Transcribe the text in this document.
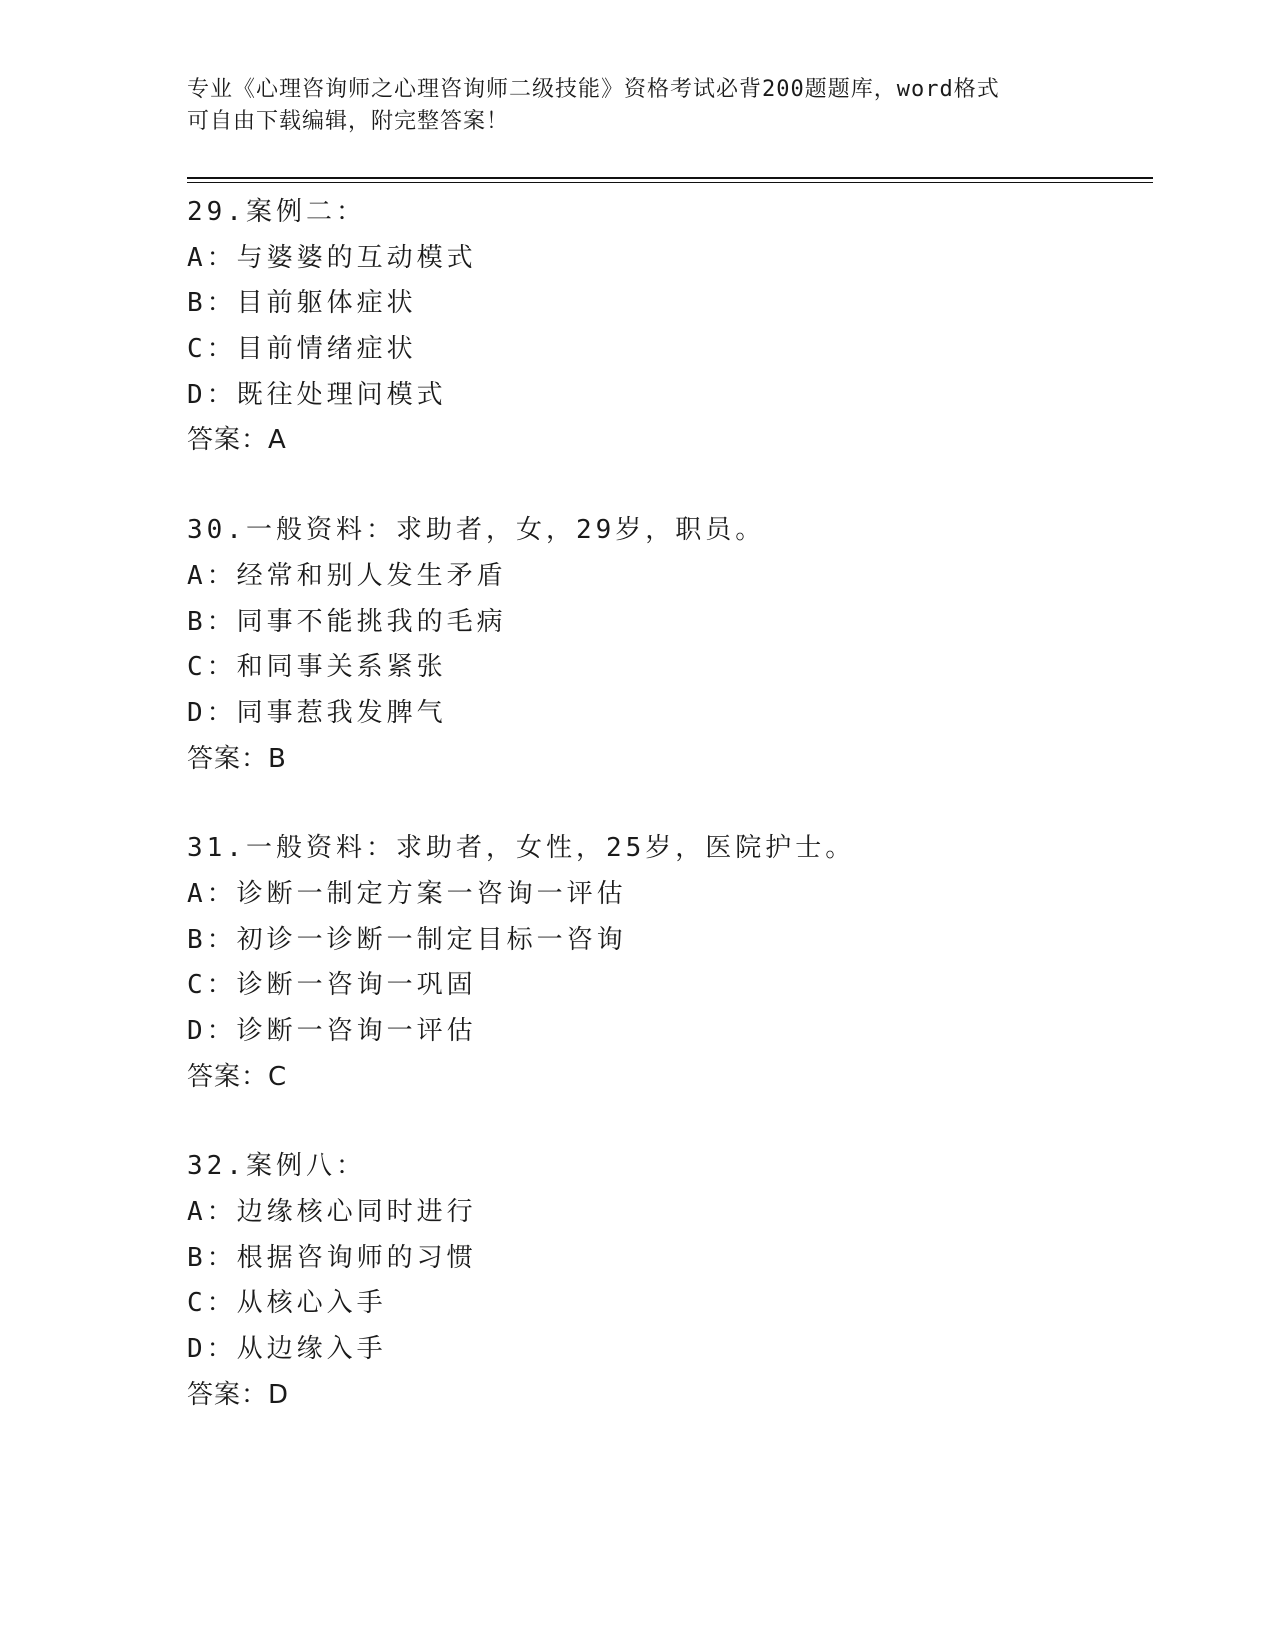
专业《心理咨询师之心理咨询师二级技能》资格考试必背200题题库，word格式
可自由下载编辑，附完整答案！
29.案例二：
A：与婆婆的互动模式
B：目前躯体症状
C：目前情绪症状
D：既往处理问模式
答案：A
30.一般资料：求助者，女，29岁，职员。
A：经常和别人发生矛盾
B：同事不能挑我的毛病
C：和同事关系紧张
D：同事惹我发脾气
答案：B
31.一般资料：求助者，女性，25岁，医院护士。
A：诊断一制定方案一咨询一评估
B：初诊一诊断一制定目标一咨询
C：诊断一咨询一巩固
D：诊断一咨询一评估
答案：C
32.案例八：
A：边缘核心同时进行
B：根据咨询师的习惯
C：从核心入手
D：从边缘入手
答案：D
